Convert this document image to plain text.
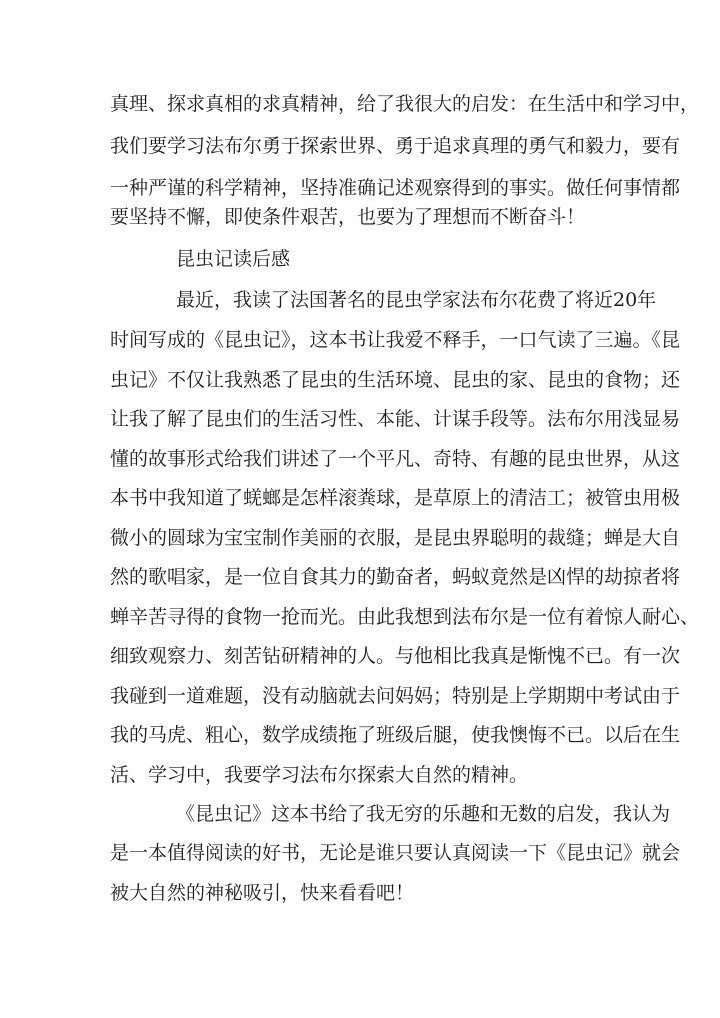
真理、探求真相的求真精神，给了我很大的启发：在生活中和学习中，
我们要学习法布尔勇于探索世界、勇于追求真理的勇气和毅力，要有
一种严谨的科学精神，坚持准确记述观察得到的事实。做任何事情都
要坚持不懈，即使条件艰苦，也要为了理想而不断奋斗！
昆虫记读后感
最近，我读了法国著名的昆虫学家法布尔花费了将近20年
时间写成的《昆虫记》，这本书让我爱不释手，一口气读了三遍。《昆
虫记》不仅让我熟悉了昆虫的生活环境、昆虫的家、昆虫的食物；还
让我了解了昆虫们的生活习性、本能、计谋手段等。法布尔用浅显易
懂的故事形式给我们讲述了一个平凡、奇特、有趣的昆虫世界，从这
本书中我知道了蜣螂是怎样滚粪球，是草原上的清洁工；被管虫用极
微小的圆球为宝宝制作美丽的衣服，是昆虫界聪明的裁缝；蝉是大自
然的歌唱家，是一位自食其力的勤奋者，蚂蚁竟然是凶悍的劫掠者将
蝉辛苦寻得的食物一抢而光。由此我想到法布尔是一位有着惊人耐心、
细致观察力、刻苦钻研精神的人。与他相比我真是惭愧不已。有一次
我碰到一道难题，没有动脑就去问妈妈；特别是上学期期中考试由于
我的马虎、粗心，数学成绩拖了班级后腿，使我懊悔不已。以后在生
活、学习中，我要学习法布尔探索大自然的精神。
《昆虫记》这本书给了我无穷的乐趣和无数的启发，我认为
是一本值得阅读的好书，无论是谁只要认真阅读一下《昆虫记》就会
被大自然的神秘吸引，快来看看吧！
